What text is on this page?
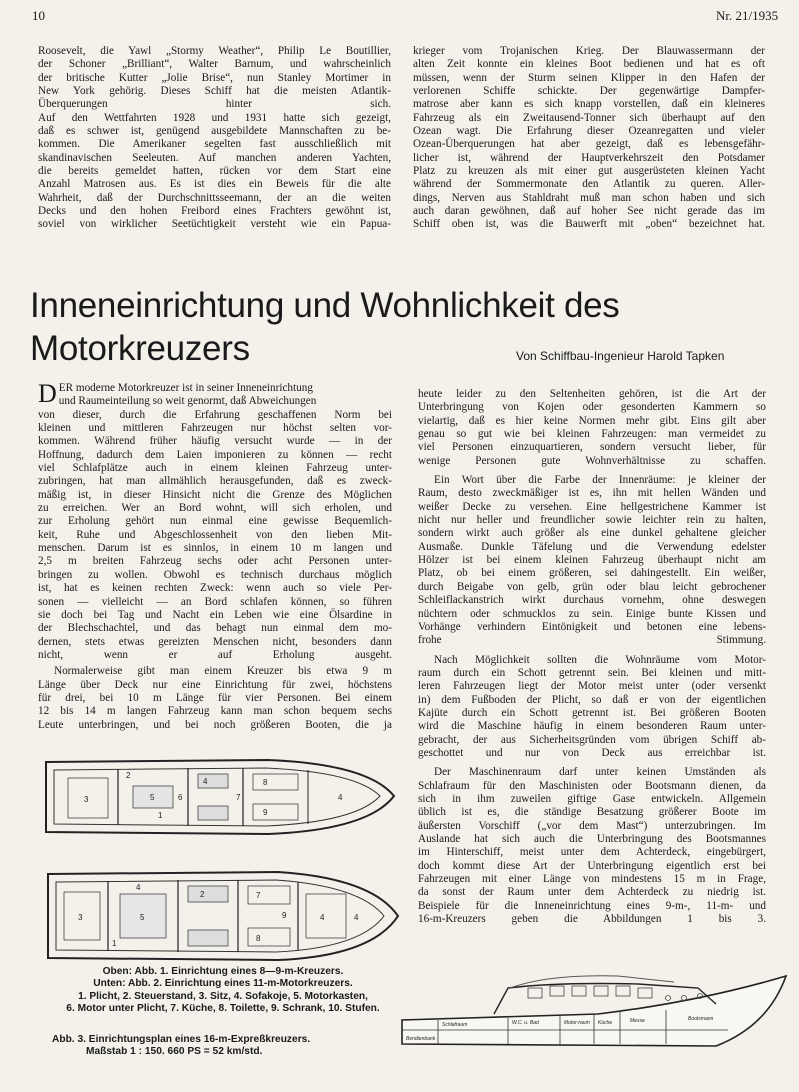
10	Nr. 21/1935
Roosevelt, die Yawl „Stormy Weather“, Philip Le Boutillier,
der Schoner „Brilliant“, Walter Barnum, und wahrscheinlich
der britische Kutter „Jolie Brise“, nun Stanley Mortimer in
New York gehörig. Dieses Schiff hat die meisten Atlantik-
Überquerungen hinter sich.
Auf den Wettfahrten 1928 und 1931 hatte sich gezeigt,
daß es schwer ist, genügend ausgebildete Mannschaften zu be-
kommen. Die Amerikaner segelten fast ausschließlich mit
skandinavischen Seeleuten. Auf manchen anderen Yachten,
die bereits gemeldet hatten, rücken vor dem Start eine
Anzahl Matrosen aus. Es ist dies ein Beweis für die alte
Wahrheit, daß der Durchschnittsseemann, der an die weiten
Decks und den hohen Freibord eines Frachters gewöhnt ist,
soviel von wirklicher Seetüchtigkeit versteht wie ein Papua-
krieger vom Trojanischen Krieg. Der Blauwassermann der
alten Zeit konnte ein kleines Boot bedienen und hat es oft
müssen, wenn der Sturm seinen Klipper in den Hafen der
verlorenen Schiffe schickte. Der gegenwärtige Dampfer-
matrose aber kann es sich knapp vorstellen, daß ein kleineres
Fahrzeug als ein Zweitausend-Tonner sich überhaupt auf den
Ozean wagt. Die Erfahrung dieser Ozeanregatten und vieler
Ozean-Überquerungen hat aber gezeigt, daß es lebensgefähr-
licher ist, während der Hauptverkehrszeit den Potsdamer
Platz zu kreuzen als mit einer gut ausgerüsteten kleinen Yacht
während der Sommermonate den Atlantik zu queren. Aller-
dings, Nerven aus Stahldraht muß man schon haben und sich
auch daran gewöhnen, daß auf hoher See nicht gerade das im
Schiff oben ist, was die Bauwerft mit „oben“ bezeichnet hat.
Inneneinrichtung und Wohnlichkeit des
Motorkreuzers	Von Schiffbau-Ingenieur Harold Tapken
D ER moderne Motorkreuzer ist in seiner Inneneinrichtung
und Raumeinteilung so weit genormt, daß Abweichungen
von dieser, durch die Erfahrung geschaffenen Norm bei
kleinen und mittleren Fahrzeugen nur höchst selten vor-
kommen. Während früher häufig versucht wurde — in der
Hoffnung, dadurch dem Laien imponieren zu können — recht
viel Schlafplätze auch in einem kleinen Fahrzeug unter-
zubringen, hat man allmählich herausgefunden, daß es zweck-
mäßig ist, in dieser Hinsicht nicht die Grenze des Möglichen
zu erreichen. Wer an Bord wohnt, will sich erholen, und
zur Erholung gehört nun einmal eine gewisse Bequemlich-
keit, Ruhe und Abgeschlossenheit von den lieben Mit-
menschen. Darum ist es sinnlos, in einem 10 m langen und
2,5 m breiten Fahrzeug sechs oder acht Personen unter-
bringen zu wollen. Obwohl es technisch durchaus möglich
ist, hat es keinen rechten Zweck: wenn auch so viele Per-
sonen — vielleicht — an Bord schlafen können, so führen
sie doch bei Tag und Nacht ein Leben wie eine Ölsardine in
der Blechschachtel, und das behagt nun einmal dem mo-
dernen, stets etwas gereizten Menschen nicht, besonders dann
nicht, wenn er auf Erholung ausgeht.
Normalerweise gibt man einem Kreuzer bis etwa 9 m
Länge über Deck nur eine Einrichtung für zwei, höchstens
für drei, bei 10 m Länge für vier Personen. Bei einem
12 bis 14 m langen Fahrzeug kann man schon bequem sechs
Leute unterbringen, und bei noch größeren Booten, die ja
heute leider zu den Seltenheiten gehören, ist die Art der
Unterbringung von Kojen oder gesonderten Kammern so
vielartig, daß es hier keine Normen mehr gibt. Eins gilt aber
genau so gut wie bei kleinen Fahrzeugen: man vermeidet zu
viel Personen einzuquartieren, sondern versucht lieber, für
wenige Personen gute Wohnverhältnisse zu schaffen.
Ein Wort über die Farbe der Innenräume: je kleiner der
Raum, desto zweckmäßiger ist es, ihn mit hellen Wänden und
weißer Decke zu versehen. Eine hellgestrichene Kammer ist
nicht nur heller und freundlicher sowie leichter rein zu halten,
sondern wirkt auch größer als eine dunkel gehaltene gleicher
Ausmaße. Dunkle Täfelung und die Verwendung edelster
Hölzer ist bei einem kleinen Fahrzeug überhaupt nicht am
Platz, ob bei einem größeren, sei dahingestellt. Ein weißer,
durch Beigabe von gelb, grün oder blau leicht gebrochener
Schleiflackanstrich wirkt durchaus vornehm, ohne deswegen
nüchtern oder schmucklos zu sein. Einige bunte Kissen und
Vorhänge verhindern Eintönigkeit und betonen eine lebens-
frohe Stimmung.
Nach Möglichkeit sollten die Wohnräume vom Motor-
raum durch ein Schott getrennt sein. Bei kleinen und mitt-
leren Fahrzeugen liegt der Motor meist unter (oder versenkt
in) dem Fußboden der Plicht, so daß er von der eigentlichen
Kajüte durch ein Schott getrennt ist. Bei größeren Booten
wird die Maschine häufig in einem besonderen Raum unter-
gebracht, der aus Sicherheitsgründen vom übrigen Schiff ab-
geschottet und nur von Deck aus erreichbar ist.
Der Maschinenraum darf unter keinen Umständen als
Schlafraum für den Maschinisten oder Bootsmann dienen, da
sich in ihm zuweilen giftige Gase entwickeln. Allgemein
üblich ist es, die ständige Besatzung größerer Boote im
äußersten Vorschiff („vor dem Mast“) unterzubringen. Im
Auslande hat sich auch die Unterbringung des Bootsmannes
im Hinterschiff, meist unter dem Achterdeck, eingebürgert,
doch kommt diese Art der Unterbringung eigentlich erst bei
Fahrzeugen mit einer Länge von mindestens 15 m in Frage,
da sonst der Raum unter dem Achterdeck zu niedrig ist.
Beispiele für die Inneneinrichtung eines 9-m-, 11-m- und
16-m-Kreuzers geben die Abbildungen 1 bis 3.
3
2
1
4
5	6
8
9
7	4
3
4
5
1
2	7
8
9	4	4
Oben: Abb. 1. Einrichtung eines 8—9-m-Kreuzers.
Unten: Abb. 2. Einrichtung eines 11-m-Motorkreuzers.
1. Plicht, 2. Steuerstand, 3. Sitz, 4. Sofakoje, 5. Motorkasten,
6. Motor unter Plicht, 7. Küche, 8. Toilette, 9. Schrank, 10. Stufen.
Abb. 3. Einrichtungsplan eines 16-m-Expreßkreuzers.
Maßstab 1 : 150. 660 PS = 52 km/std.
Bendienbank
Schlafraum	W.C. u. Bad	Motor-raum Küche	Messe	Bootsmann
